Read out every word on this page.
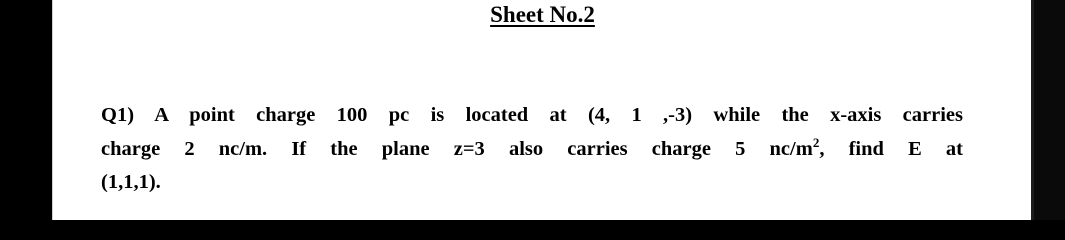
Sheet No.2
Q1) A point charge 100 pc is located at (4, 1 ,-3) while the x-axis carries
charge 2 nc/m. If the plane z=3 also carries charge 5 $nc/m^2$, find E at
(1,1,1).
